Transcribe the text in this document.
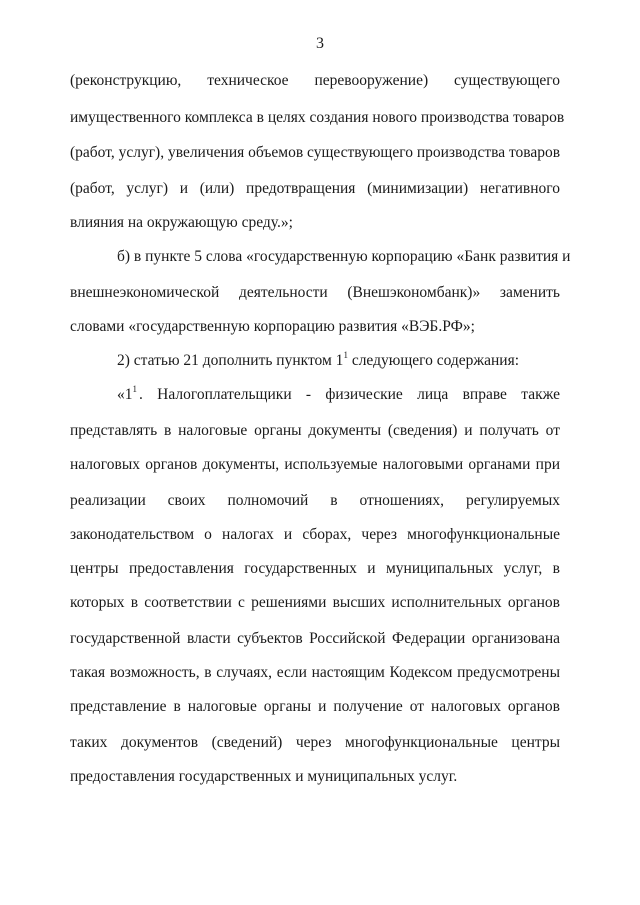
3
(реконструкцию, техническое перевооружение) существующего
имущественного комплекса в целях создания нового производства товаров
(работ, услуг), увеличения объемов существующего производства товаров
(работ, услуг) и (или) предотвращения (минимизации) негативного
влияния на окружающую среду.»;
б) в пункте 5 слова «государственную корпорацию «Банк развития и
внешнеэкономической деятельности (Внешэкономбанк)» заменить
словами «государственную корпорацию развития «ВЭБ.РФ»;
2) статью 21 дополнить пунктом $1^1$ следующего содержания:
«$1^1$ . Налогоплательщики - физические лица вправе также
представлять в налоговые органы документы (сведения) и получать от
налоговых органов документы, используемые налоговыми органами при
реализации своих полномочий в отношениях, регулируемых
законодательством о налогах и сборах, через многофункциональные
центры предоставления государственных и муниципальных услуг, в
которых в соответствии с решениями высших исполнительных органов
государственной власти субъектов Российской Федерации организована
такая возможность, в случаях, если настоящим Кодексом предусмотрены
представление в налоговые органы и получение от налоговых органов
таких документов (сведений) через многофункциональные центры
предоставления государственных и муниципальных услуг.
